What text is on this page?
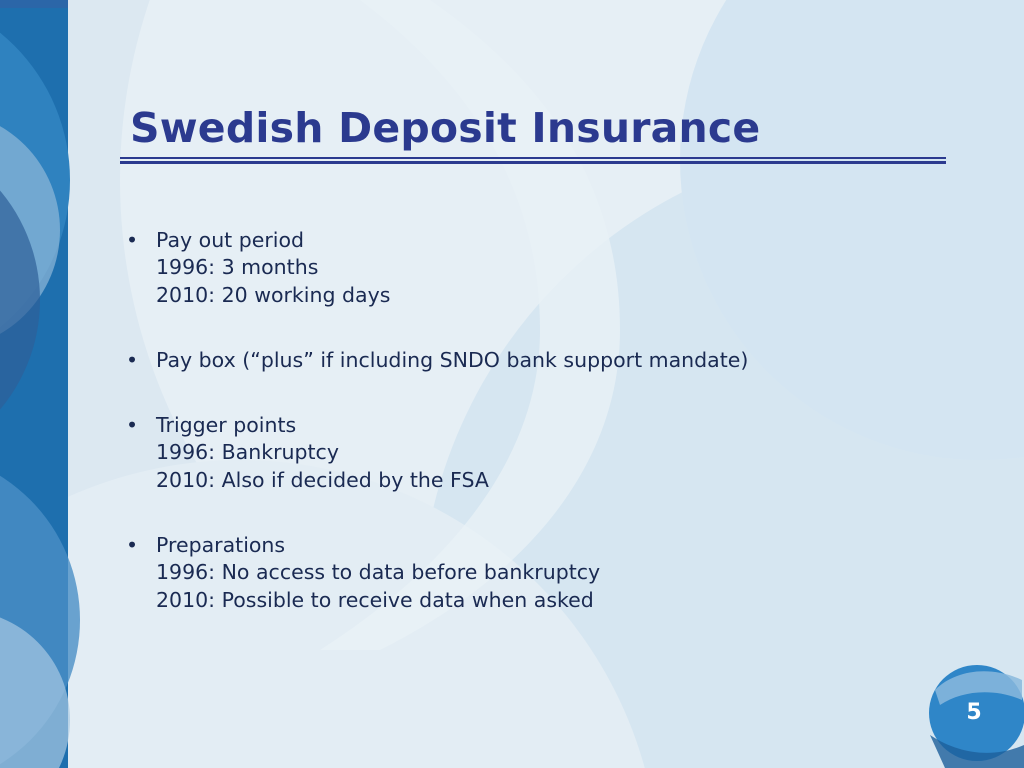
Swedish Deposit Insurance
• Pay out period
1996: 3 months
2010: 20 working days
• Pay box (“plus” if including SNDO bank support mandate)
• Trigger points
1996: Bankruptcy
2010: Also if decided by the FSA
• Preparations
1996: No access to data before bankruptcy
2010: Possible to receive data when asked
5
